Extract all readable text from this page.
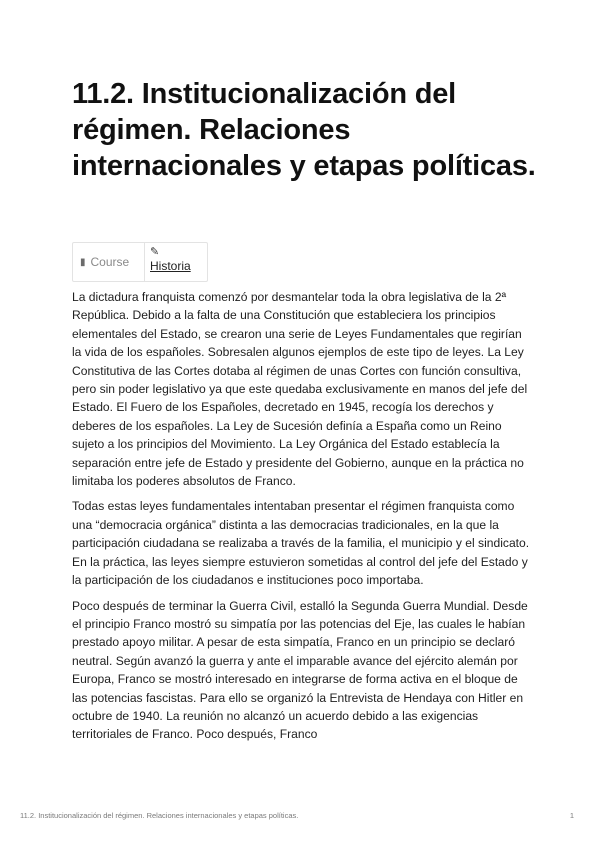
11.2. Institucionalización del régimen. Relaciones internacionales y etapas políticas.
▮ Course
✎
Historia

La dictadura franquista comenzó por desmantelar toda la obra legislativa de la 2ª República. Debido a la falta de una Constitución que estableciera los principios elementales del Estado, se crearon una serie de Leyes Fundamentales que regirían la vida de los españoles. Sobresalen algunos ejemplos de este tipo de leyes. La Ley Constitutiva de las Cortes dotaba al régimen de unas Cortes con función consultiva, pero sin poder legislativo ya que este quedaba exclusivamente en manos del jefe del Estado. El Fuero de los Españoles, decretado en 1945, recogía los derechos y deberes de los españoles. La Ley de Sucesión definía a España como un Reino sujeto a los principios del Movimiento. La Ley Orgánica del Estado establecía la separación entre jefe de Estado y presidente del Gobierno, aunque en la práctica no limitaba los poderes absolutos de Franco.

Todas estas leyes fundamentales intentaban presentar el régimen franquista como una “democracia orgánica” distinta a las democracias tradicionales, en la que la participación ciudadana se realizaba a través de la familia, el municipio y el sindicato. En la práctica, las leyes siempre estuvieron sometidas al control del jefe del Estado y la participación de los ciudadanos e instituciones poco importaba.

Poco después de terminar la Guerra Civil, estalló la Segunda Guerra Mundial. Desde el principio Franco mostró su simpatía por las potencias del Eje, las cuales le habían prestado apoyo militar. A pesar de esta simpatía, Franco en un principio se declaró neutral. Según avanzó la guerra y ante el imparable avance del ejército alemán por Europa, Franco se mostró interesado en integrarse de forma activa en el bloque de las potencias fascistas. Para ello se organizó la Entrevista de Hendaya con Hitler en octubre de 1940. La reunión no alcanzó un acuerdo debido a las exigencias territoriales de Franco. Poco después, Franco

11.2. Institucionalización del régimen. Relaciones internacionales y etapas políticas.	1
